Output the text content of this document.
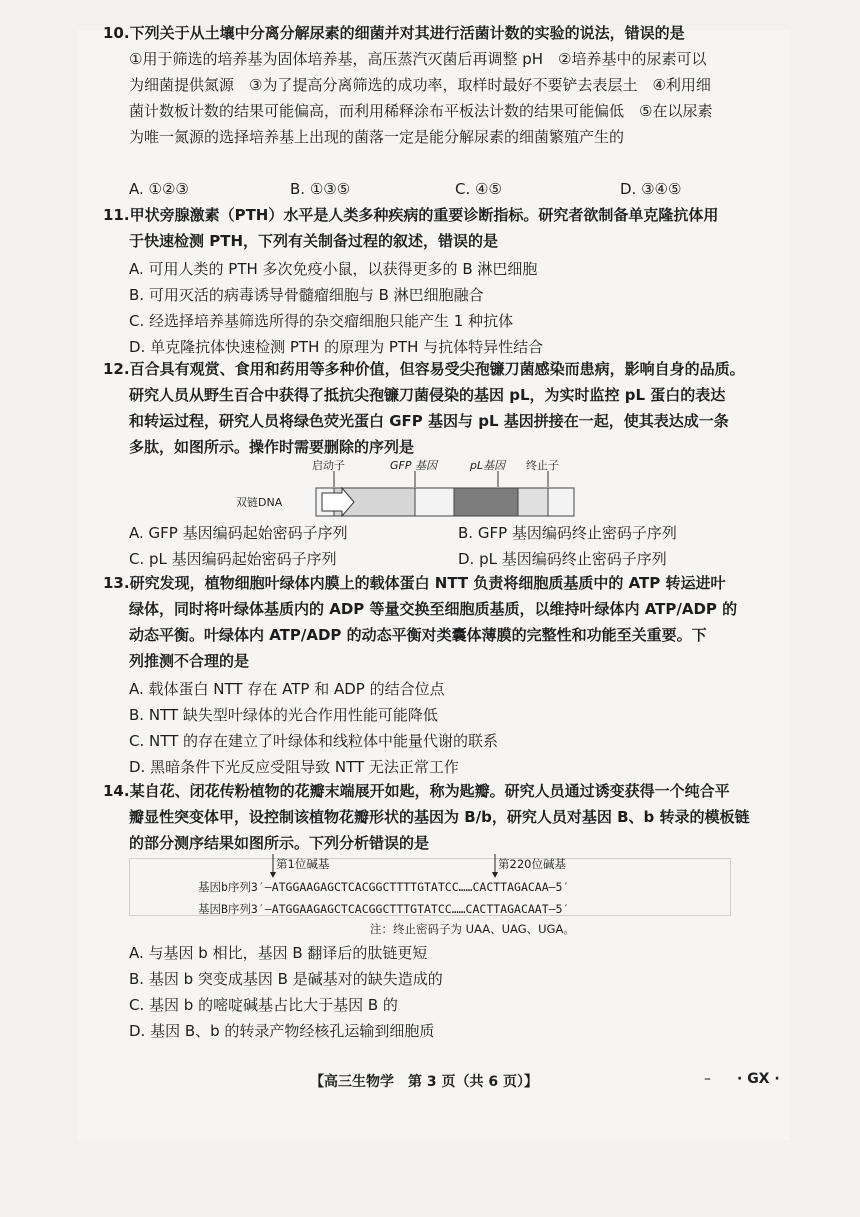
10.下列关于从土壤中分离分解尿素的细菌并对其进行活菌计数的实验的说法，错误的是
①用于筛选的培养基为固体培养基，高压蒸汽灭菌后再调整 pH　②培养基中的尿素可以
为细菌提供氮源　③为了提高分离筛选的成功率，取样时最好不要铲去表层土　④利用细
菌计数板计数的结果可能偏高，而利用稀释涂布平板法计数的结果可能偏低　⑤在以尿素
为唯一氮源的选择培养基上出现的菌落一定是能分解尿素的细菌繁殖产生的
A. ①②③	B. ①③⑤	C. ④⑤	D. ③④⑤
11.甲状旁腺激素（PTH）水平是人类多种疾病的重要诊断指标。研究者欲制备单克隆抗体用
于快速检测 PTH，下列有关制备过程的叙述，错误的是
A. 可用人类的 PTH 多次免疫小鼠，以获得更多的 B 淋巴细胞
B. 可用灭活的病毒诱导骨髓瘤细胞与 B 淋巴细胞融合
C. 经选择培养基筛选所得的杂交瘤细胞只能产生 1 种抗体
D. 单克隆抗体快速检测 PTH 的原理为 PTH 与抗体特异性结合
12.百合具有观赏、食用和药用等多种价值，但容易受尖孢镰刀菌感染而患病，影响自身的品质。
研究人员从野生百合中获得了抵抗尖孢镰刀菌侵染的基因 pL，为实时监控 pL 蛋白的表达
和转运过程，研究人员将绿色荧光蛋白 GFP 基因与 pL 基因拼接在一起，使其表达成一条
多肽，如图所示。操作时需要删除的序列是
启动子	GFP 基因	pL基因 终止子
双链DNA
A. GFP 基因编码起始密码子序列	B. GFP 基因编码终止密码子序列
C. pL 基因编码起始密码子序列	D. pL 基因编码终止密码子序列
13.研究发现，植物细胞叶绿体内膜上的载体蛋白 NTT 负责将细胞质基质中的 ATP 转运进叶
绿体，同时将叶绿体基质内的 ADP 等量交换至细胞质基质，以维持叶绿体内 ATP/ADP 的
动态平衡。叶绿体内 ATP/ADP 的动态平衡对类囊体薄膜的完整性和功能至关重要。下
列推测不合理的是
A. 载体蛋白 NTT 存在 ATP 和 ADP 的结合位点
B. NTT 缺失型叶绿体的光合作用性能可能降低
C. NTT 的存在建立了叶绿体和线粒体中能量代谢的联系
D. 黑暗条件下光反应受阻导致 NTT 无法正常工作
14.某自花、闭花传粉植物的花瓣末端展开如匙，称为匙瓣。研究人员通过诱变获得一个纯合平
瓣显性突变体甲，设控制该植物花瓣形状的基因为 B/b，研究人员对基因 B、b 转录的模板链
的部分测序结果如图所示。下列分析错误的是
第1位碱基	第220位碱基
基因b序列3′–ATGGAAGAGCTCACGGCTTTTGTATCC……CACTTAGACAA–5′
基因B序列3′–ATGGAAGAGCTCACGGCTTTGTATCC……CACTTAGACAAT–5′
注：终止密码子为 UAA、UAG、UGA。
A. 与基因 b 相比，基因 B 翻译后的肽链更短
B. 基因 b 突变成基因 B 是碱基对的缺失造成的
C. 基因 b 的嘧啶碱基占比大于基因 B 的
D. 基因 B、b 的转录产物经核孔运输到细胞质
【高三生物学　第 3 页（共 6 页）】	– · GX ·
